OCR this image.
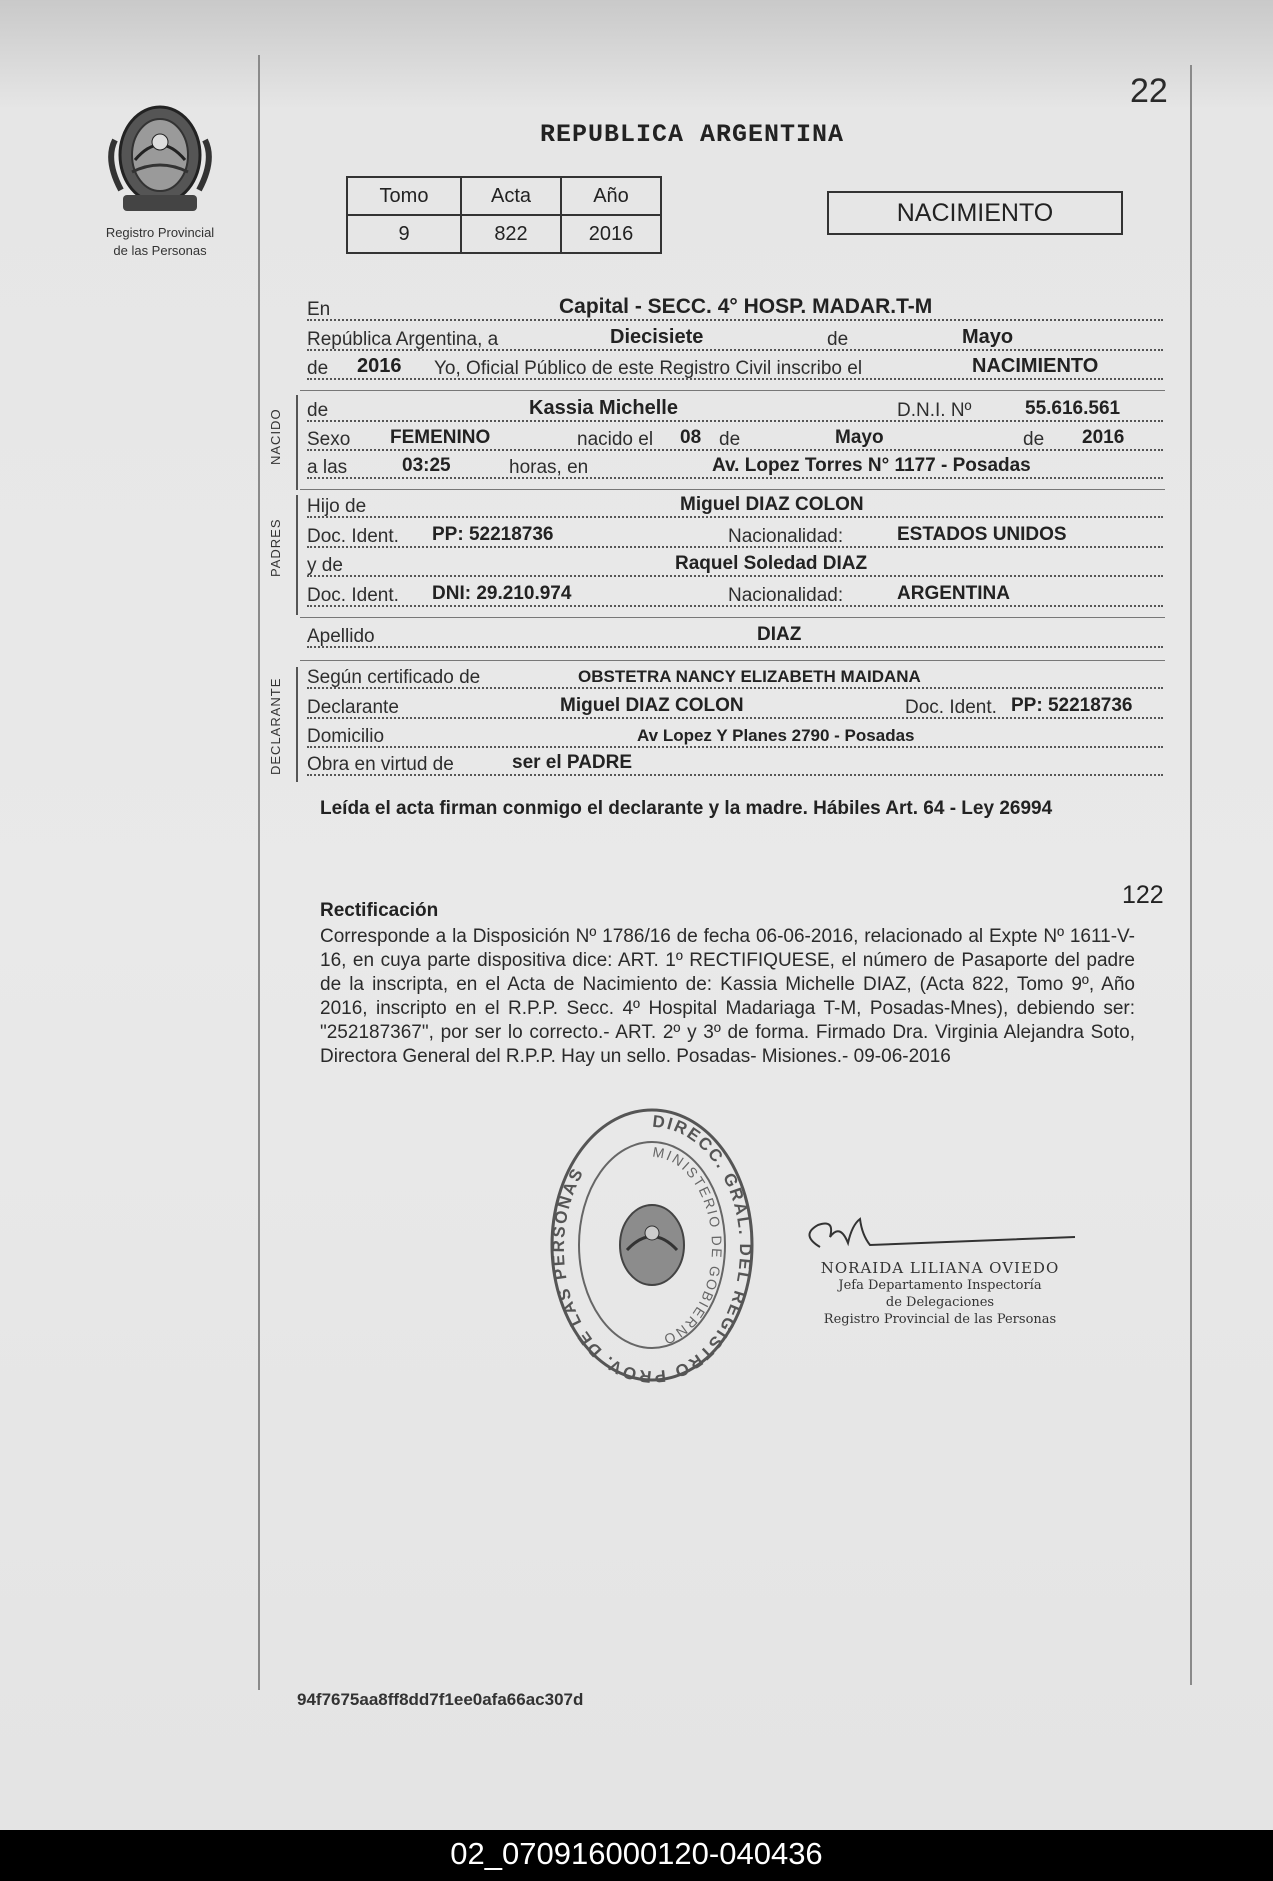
22
Registro Provincial
de las Personas
REPUBLICA ARGENTINA
Tomo	Acta	Año
9	822	2016
NACIMIENTO
En	Capital - SECC. 4° HOSP. MADAR.T-M
República Argentina, a	Diecisiete	de	Mayo
de 2016 Yo, Oficial Público de este Registro Civil inscribo el	NACIMIENTO
NACIDO de	Kassia Michelle	D.N.I. Nº	55.616.561
Sexo FEMENINO	nacido el 08 de	Mayo	de 2016
a las	03:25	horas, en	Av. Lopez Torres N° 1177 - Posadas
PADRES
Hijo de	Miguel DIAZ COLON
Doc. Ident. PP: 52218736	Nacionalidad:	ESTADOS UNIDOS
y de	Raquel Soledad DIAZ
Doc. Ident. DNI: 29.210.974	Nacionalidad:	ARGENTINA
Apellido	DIAZ
DECLARANTE
Según certificado de	OBSTETRA NANCY ELIZABETH MAIDANA
Declarante	Miguel DIAZ COLON	Doc. Ident. PP: 52218736
Domicilio	Av Lopez Y Planes 2790 - Posadas
Obra en virtud de	ser el PADRE
Leída el acta firman conmigo el declarante y la madre. Hábiles Art. 64 - Ley 26994
122
Rectificación
Corresponde a la Disposición Nº 1786/16 de fecha 06-06-2016, relacionado al Expte Nº 1611-V-16, en cuya parte dispositiva dice: ART. 1º RECTIFIQUESE, el número de Pasaporte del padre de la inscripta, en el Acta de Nacimiento de: Kassia Michelle DIAZ, (Acta 822, Tomo 9º, Año 2016, inscripto en el R.P.P. Secc. 4º Hospital Madariaga T-M, Posadas-Mnes), debiendo ser: "252187367", por ser lo correcto.- ART. 2º y 3º de forma. Firmado Dra. Virginia Alejandra Soto, Directora General del R.P.P. Hay un sello. Posadas- Misiones.- 09-06-2016
DIRECC. GRAL. DEL REGISTRO PROV. DE LAS PERSONAS
MINISTERIO DE GOBIERNO
NORAIDA LILIANA OVIEDO
Jefa Departamento Inspectoría
de Delegaciones
Registro Provincial de las Personas
94f7675aa8ff8dd7f1ee0afa66ac307d
02_070916000120-040436
